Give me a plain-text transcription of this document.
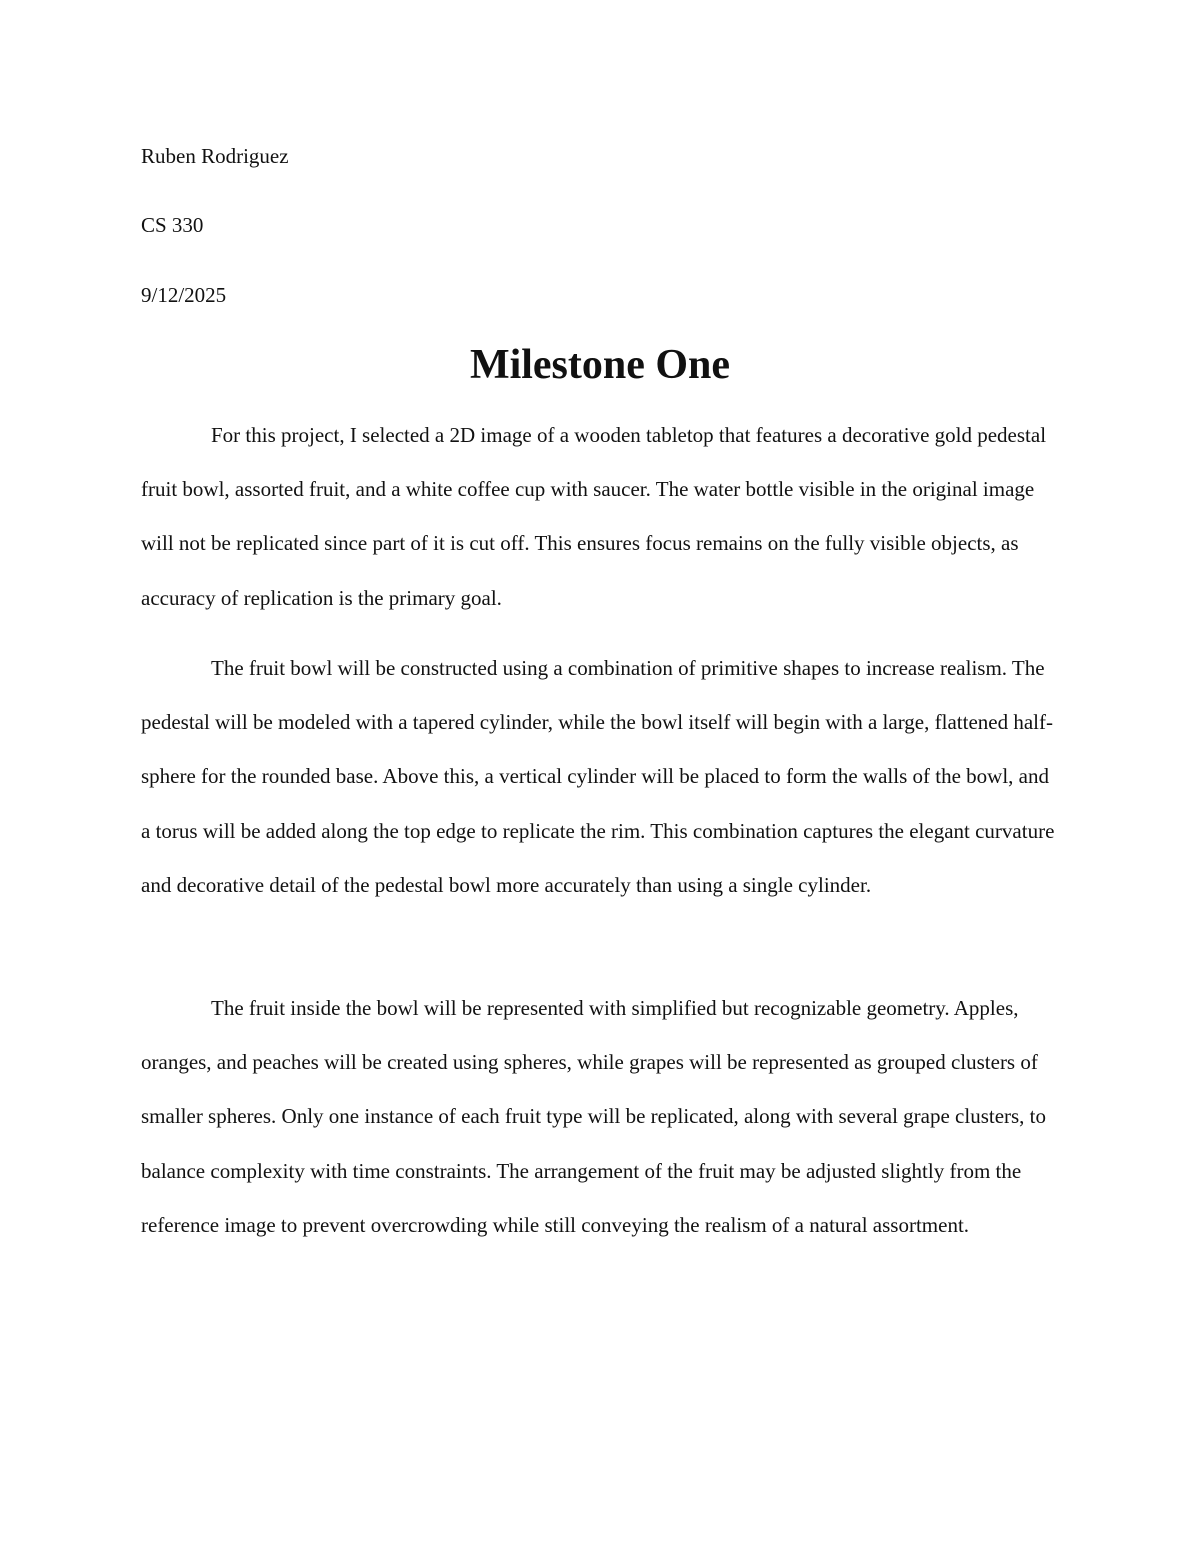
Ruben Rodriguez

CS 330

9/12/2025

Milestone One

For this project, I selected a 2D image of a wooden tabletop that features a decorative gold pedestal fruit bowl, assorted fruit, and a white coffee cup with saucer. The water bottle visible in the original image will not be replicated since part of it is cut off. This ensures focus remains on the fully visible objects, as accuracy of replication is the primary goal.

The fruit bowl will be constructed using a combination of primitive shapes to increase realism. The pedestal will be modeled with a tapered cylinder, while the bowl itself will begin with a large, flattened half-sphere for the rounded base. Above this, a vertical cylinder will be placed to form the walls of the bowl, and a torus will be added along the top edge to replicate the rim. This combination captures the elegant curvature and decorative detail of the pedestal bowl more accurately than using a single cylinder.

The fruit inside the bowl will be represented with simplified but recognizable geometry. Apples, oranges, and peaches will be created using spheres, while grapes will be represented as grouped clusters of smaller spheres. Only one instance of each fruit type will be replicated, along with several grape clusters, to balance complexity with time constraints. The arrangement of the fruit may be adjusted slightly from the reference image to prevent overcrowding while still conveying the realism of a natural assortment.
